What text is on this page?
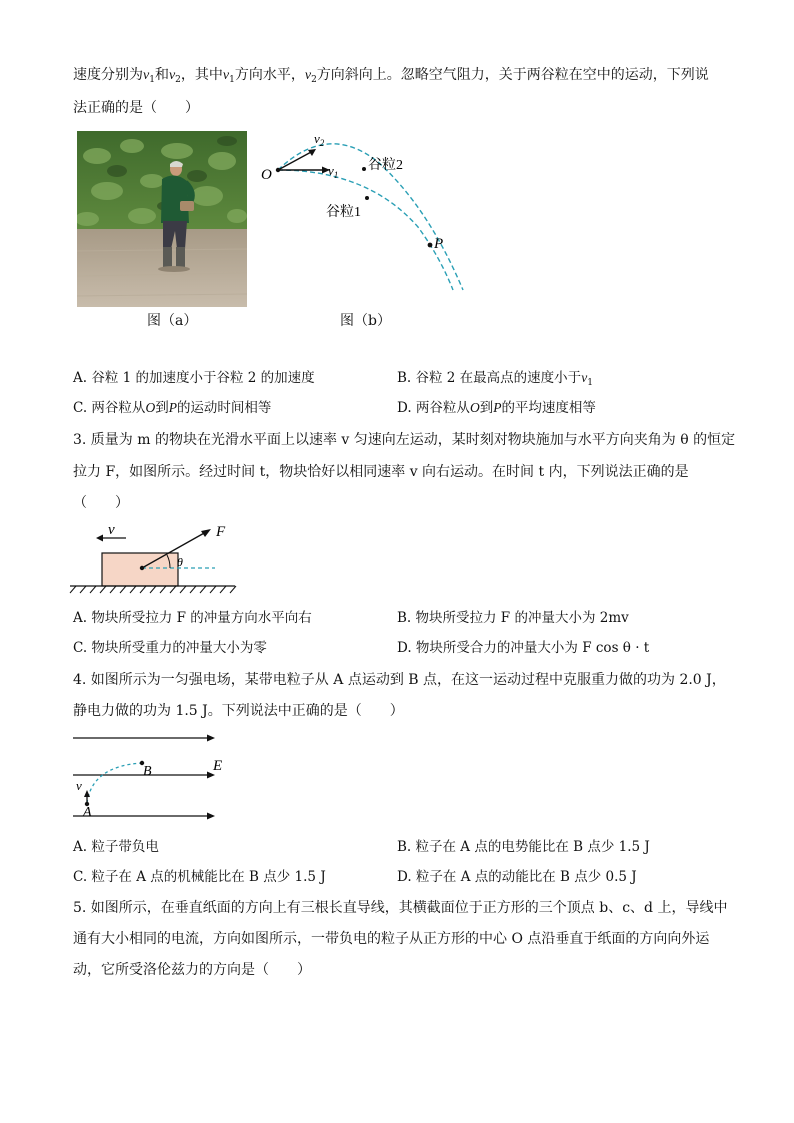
速度分别为$v_1$和$v_2$，其中$v_1$方向水平，$v_2$方向斜向上。忽略空气阻力，关于两谷粒在空中的运动，下列说
法正确的是（　　）
图（a）
O
$v_2$
$v_1$
谷粒2
谷粒1
P
图（b）
A. 谷粒 1 的加速度小于谷粒 2 的加速度	B. 谷粒 2 在最高点的速度小于$v_1$
C. 两谷粒从O到P的运动时间相等	D. 两谷粒从O到P的平均速度相等
3. 质量为 m 的物块在光滑水平面上以速率 v 匀速向左运动，某时刻对物块施加与水平方向夹角为 θ 的恒定
拉力 F，如图所示。经过时间 t，物块恰好以相同速率 v 向右运动。在时间 t 内，下列说法正确的是
（　　）
v	F
θ
A. 物块所受拉力 F 的冲量方向水平向右	B. 物块所受拉力 F 的冲量大小为 2mv
C. 物块所受重力的冲量大小为零	D. 物块所受合力的冲量大小为 F cos θ · t
4. 如图所示为一匀强电场，某带电粒子从 A 点运动到 B 点，在这一运动过程中克服重力做的功为 2.0 J，
静电力做的功为 1.5 J。下列说法中正确的是（　　）
v
A
B	E
A. 粒子带负电	B. 粒子在 A 点的电势能比在 B 点少 1.5 J
C. 粒子在 A 点的机械能比在 B 点少 1.5 J	D. 粒子在 A 点的动能比在 B 点少 0.5 J
5. 如图所示，在垂直纸面的方向上有三根长直导线，其横截面位于正方形的三个顶点 b、c、d 上，导线中
通有大小相同的电流，方向如图所示，一带负电的粒子从正方形的中心 O 点沿垂直于纸面的方向向外运
动，它所受洛伦兹力的方向是（　　）
